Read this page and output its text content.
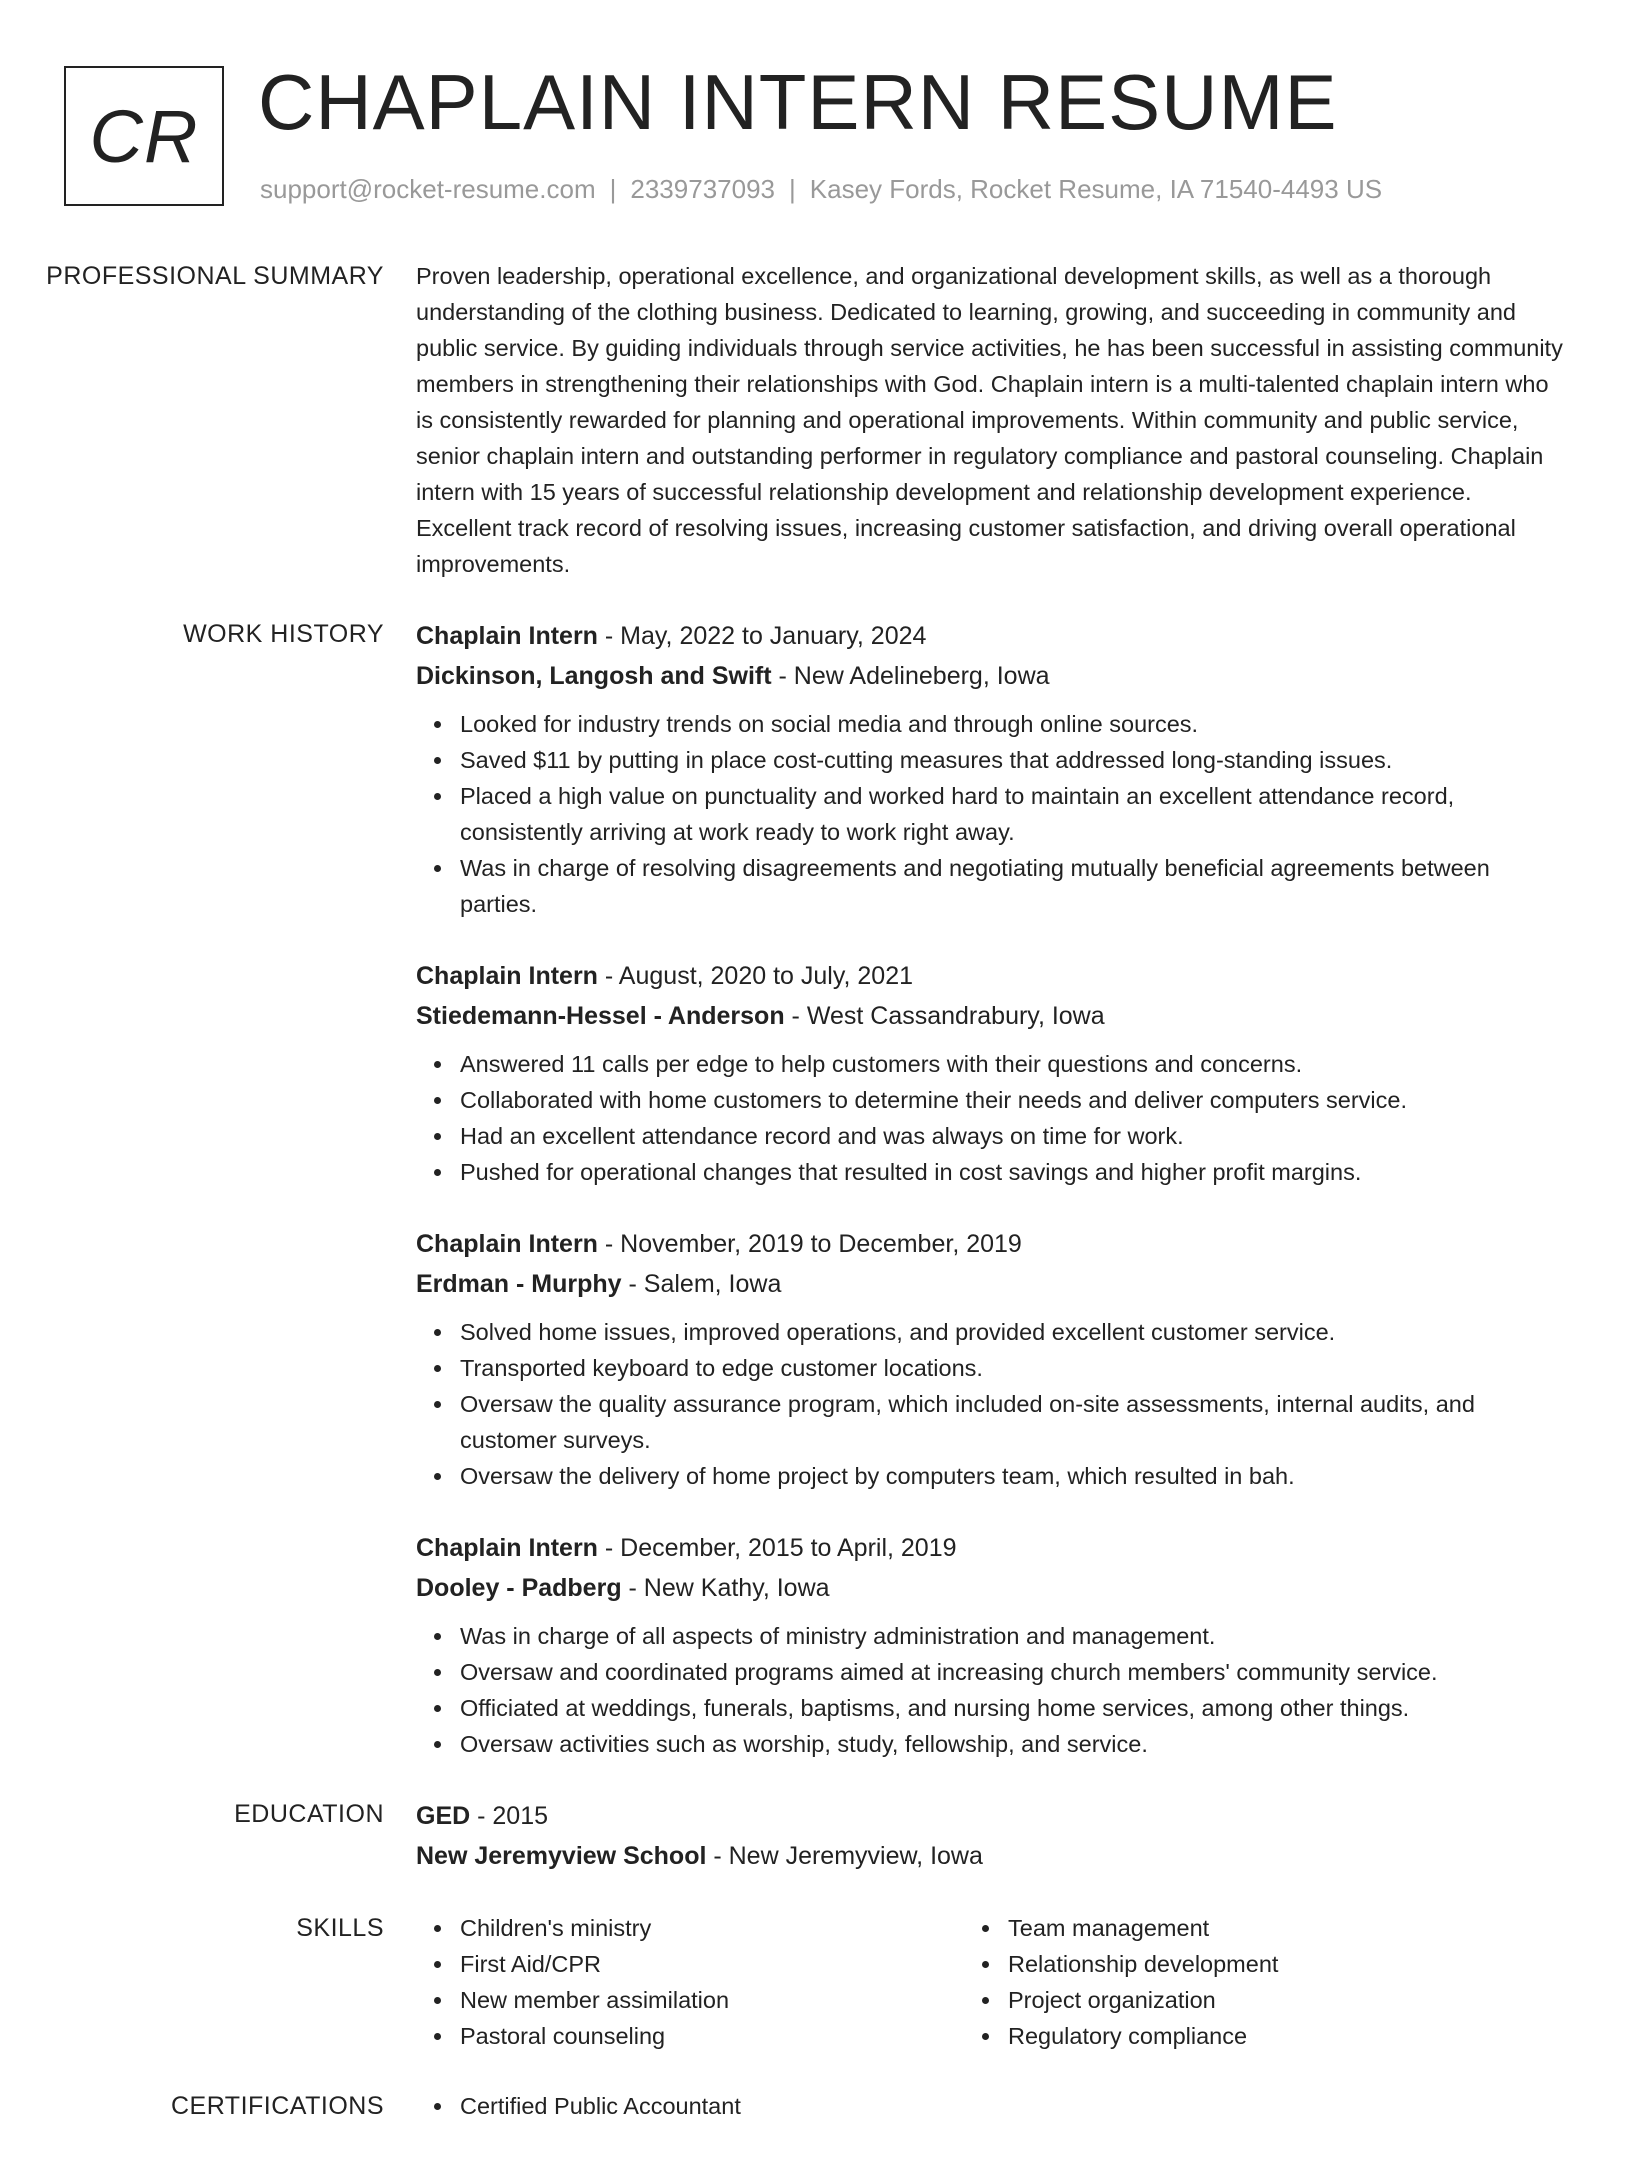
CR CHAPLAIN INTERN RESUME
support@rocket-resume.com | 2339737093 | Kasey Fords, Rocket Resume, IA 71540-4493 US
PROFESSIONAL SUMMARY	Proven leadership, operational excellence, and organizational development skills, as well as a thorough understanding of the clothing business. Dedicated to learning, growing, and succeeding in community and public service. By guiding individuals through service activities, he has been successful in assisting community members in strengthening their relationships with God. Chaplain intern is a multi-talented chaplain intern who is consistently rewarded for planning and operational improvements. Within community and public service, senior chaplain intern and outstanding performer in regulatory compliance and pastoral counseling. Chaplain intern with 15 years of successful relationship development and relationship development experience. Excellent track record of resolving issues, increasing customer satisfaction, and driving overall operational improvements.

WORK HISTORY	Chaplain Intern - May, 2022 to January, 2024
Dickinson, Langosh and Swift - New Adelineberg, Iowa
Looked for industry trends on social media and through online sources.
Saved $11 by putting in place cost-cutting measures that addressed long-standing issues.
Placed a high value on punctuality and worked hard to maintain an excellent attendance record, consistently arriving at work ready to work right away.
Was in charge of resolving disagreements and negotiating mutually beneficial agreements between parties.
Chaplain Intern - August, 2020 to July, 2021
Stiedemann-Hessel - Anderson - West Cassandrabury, Iowa
Answered 11 calls per edge to help customers with their questions and concerns.
Collaborated with home customers to determine their needs and deliver computers service.
Had an excellent attendance record and was always on time for work.
Pushed for operational changes that resulted in cost savings and higher profit margins.
Chaplain Intern - November, 2019 to December, 2019
Erdman - Murphy - Salem, Iowa
Solved home issues, improved operations, and provided excellent customer service.
Transported keyboard to edge customer locations.
Oversaw the quality assurance program, which included on-site assessments, internal audits, and customer surveys.
Oversaw the delivery of home project by computers team, which resulted in bah.
Chaplain Intern - December, 2015 to April, 2019
Dooley - Padberg - New Kathy, Iowa
Was in charge of all aspects of ministry administration and management.
Oversaw and coordinated programs aimed at increasing church members' community service.
Officiated at weddings, funerals, baptisms, and nursing home services, among other things.
Oversaw activities such as worship, study, fellowship, and service.
EDUCATION	GED - 2015
New Jeremyview School - New Jeremyview, Iowa
SKILLS	Children's ministry
First Aid/CPR
New member assimilation
Pastoral counseling
Team management
Relationship development
Project organization
Regulatory compliance
CERTIFICATIONS	Certified Public Accountant
